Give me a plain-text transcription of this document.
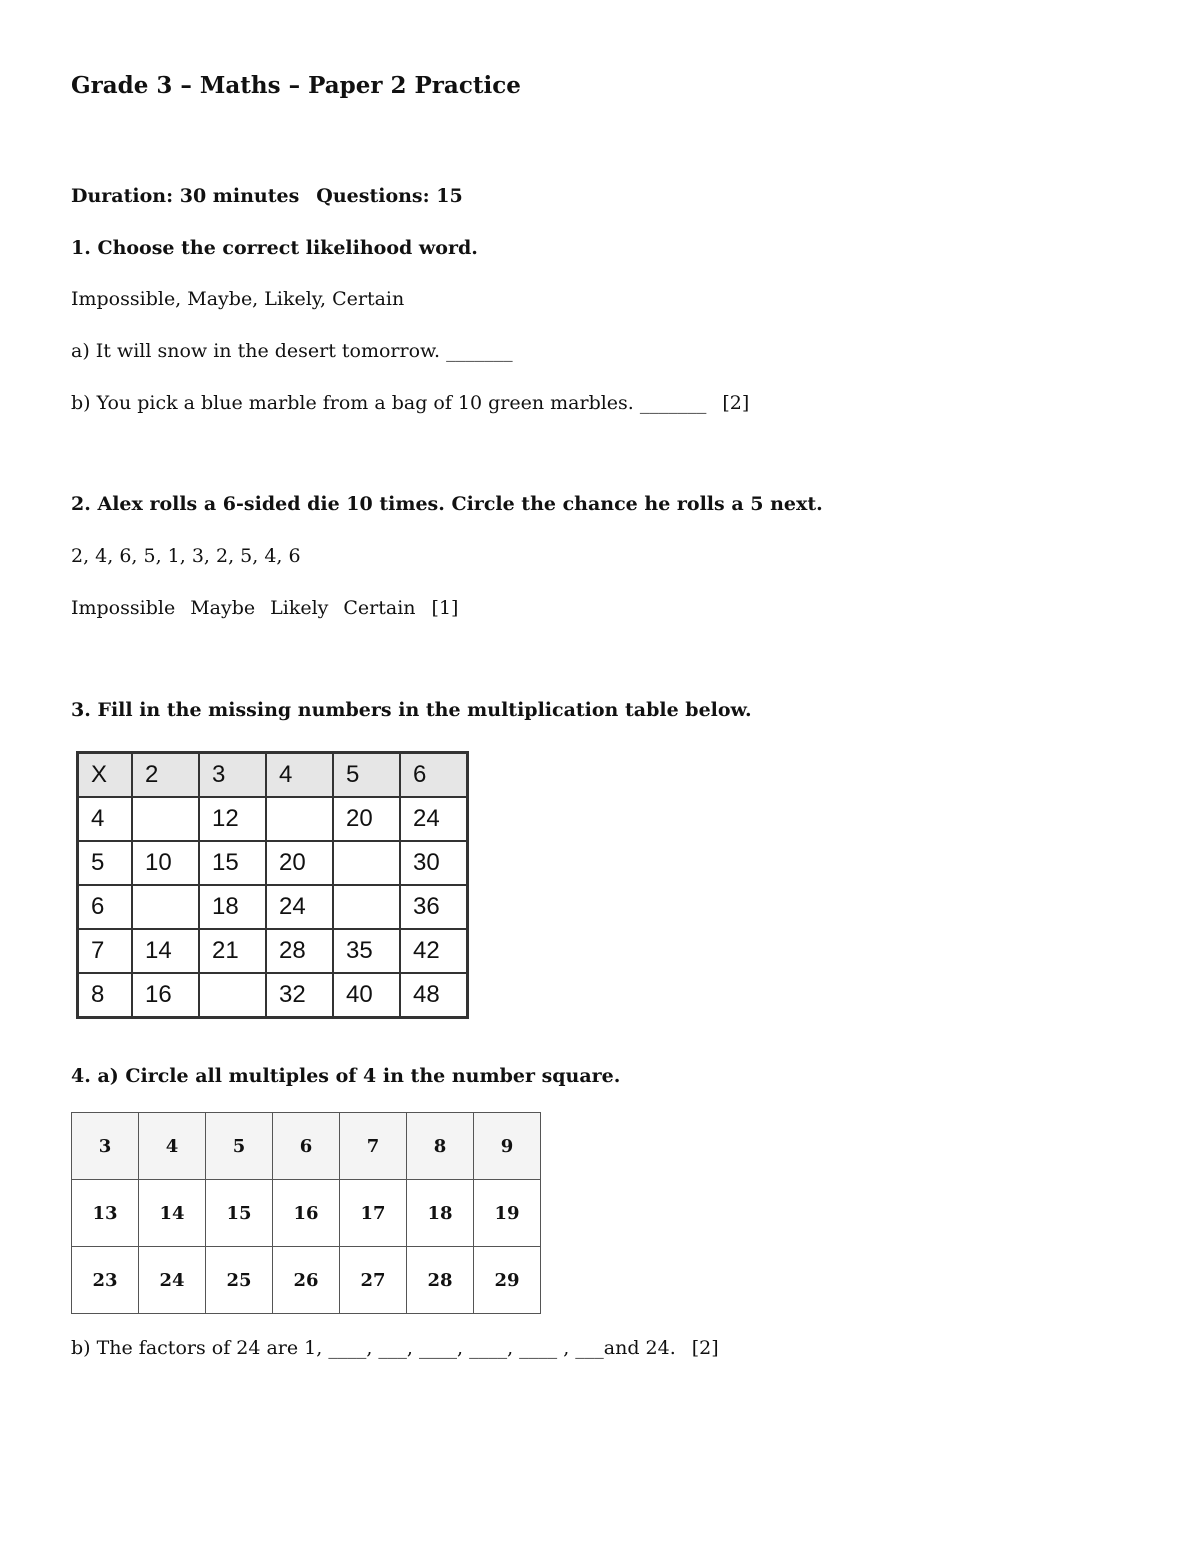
Grade 3 – Maths – Paper 2 Practice
Duration: 30 minutes Questions: 15
1. Choose the correct likelihood word.
Impossible, Maybe, Likely, Certain
a) It will snow in the desert tomorrow. _______
b) You pick a blue marble from a bag of 10 green marbles. _______ [2]
2. Alex rolls a 6-sided die 10 times. Circle the chance he rolls a 5 next.
2, 4, 6, 5, 1, 3, 2, 5, 4, 6
Impossible Maybe Likely Certain [1]
3. Fill in the missing numbers in the multiplication table below.
X	2	3	4	5	6
4		12		20	24
5	10	15	20		30
6		18	24		36
7	14	21	28	35	42
8	16		32	40	48
4. a) Circle all multiples of 4 in the number square.
3	4	5	6	7	8	9
13	14	15	16	17	18	19
23	24	25	26	27	28	29
b) The factors of 24 are 1, ____, ___, ____, ____, ____ , ___and 24. [2]
